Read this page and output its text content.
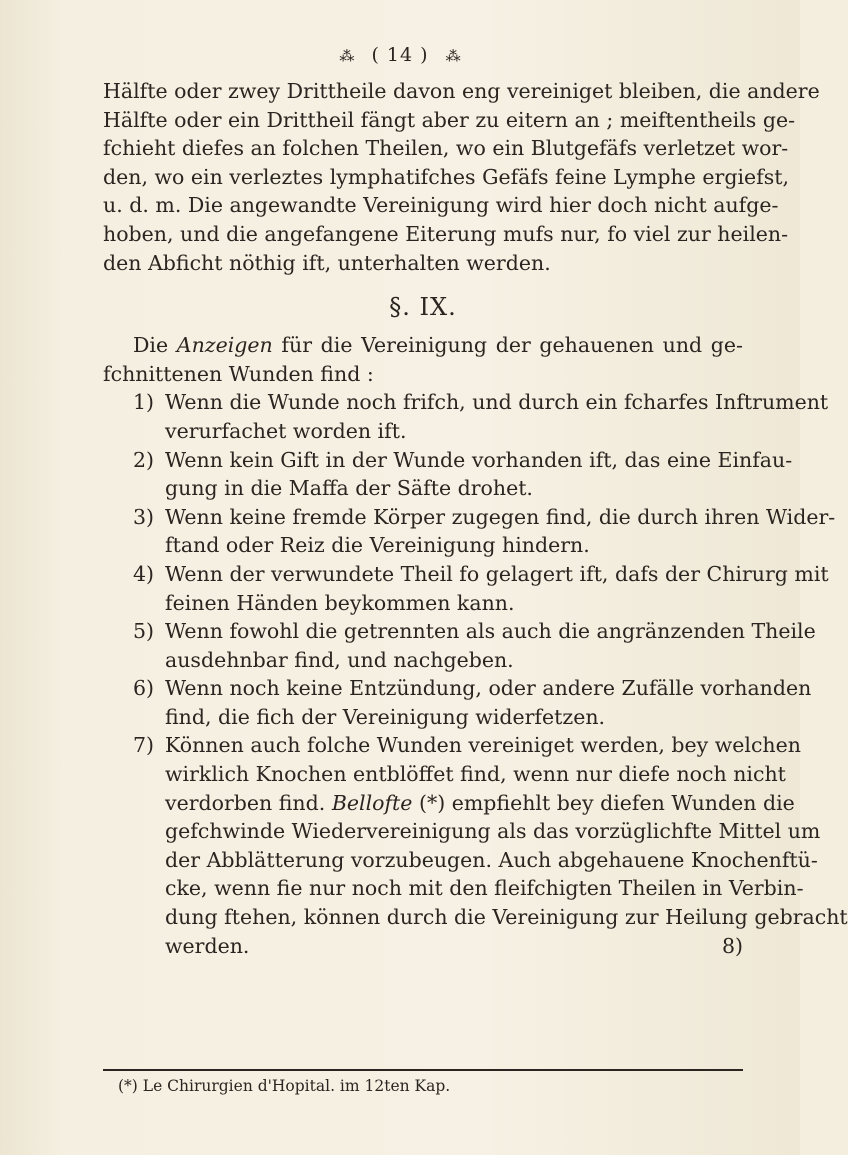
⁂ ( 14 ) ⁂
Hälfte oder zwey Drittheile davon eng vereiniget bleiben, die andere
Hälfte oder ein Drittheil fängt aber zu eitern an ; meiftentheils ge-
fchieht diefes an folchen Theilen, wo ein Blutgefäfs verletzet wor-
den, wo ein verleztes lymphatifches Gefäfs feine Lymphe ergiefst,
u. d. m. Die angewandte Vereinigung wird hier doch nicht aufge-
hoben, und die angefangene Eiterung mufs nur, fo viel zur heilen-
den Abficht nöthig ift, unterhalten werden.
§. IX.
Die Anzeigen für die Vereinigung der gehauenen und ge-
fchnittenen Wunden find :
1) Wenn die Wunde noch frifch, und durch ein fcharfes Inftrument
verurfachet worden ift.
2) Wenn kein Gift in der Wunde vorhanden ift, das eine Einfau-
gung in die Maffa der Säfte drohet.
3) Wenn keine fremde Körper zugegen find, die durch ihren Wider-
ftand oder Reiz die Vereinigung hindern.
4) Wenn der verwundete Theil fo gelagert ift, dafs der Chirurg mit
feinen Händen beykommen kann.
5) Wenn fowohl die getrennten als auch die angränzenden Theile
ausdehnbar find, und nachgeben.
6) Wenn noch keine Entzündung, oder andere Zufälle vorhanden
find, die fich der Vereinigung widerfetzen.
7) Können auch folche Wunden vereiniget werden, bey welchen
wirklich Knochen entblöffet find, wenn nur diefe noch nicht
verdorben find. Bellofte (*) empfiehlt bey diefen Wunden die
gefchwinde Wiedervereinigung als das vorzüglichfte Mittel um
der Abblätterung vorzubeugen. Auch abgehauene Knochenftü-
cke, wenn fie nur noch mit den fleifchigten Theilen in Verbin-
dung ftehen, können durch die Vereinigung zur Heilung gebracht
werden.	8)
(*) Le Chirurgien d'Hopital. im 12ten Kap.
